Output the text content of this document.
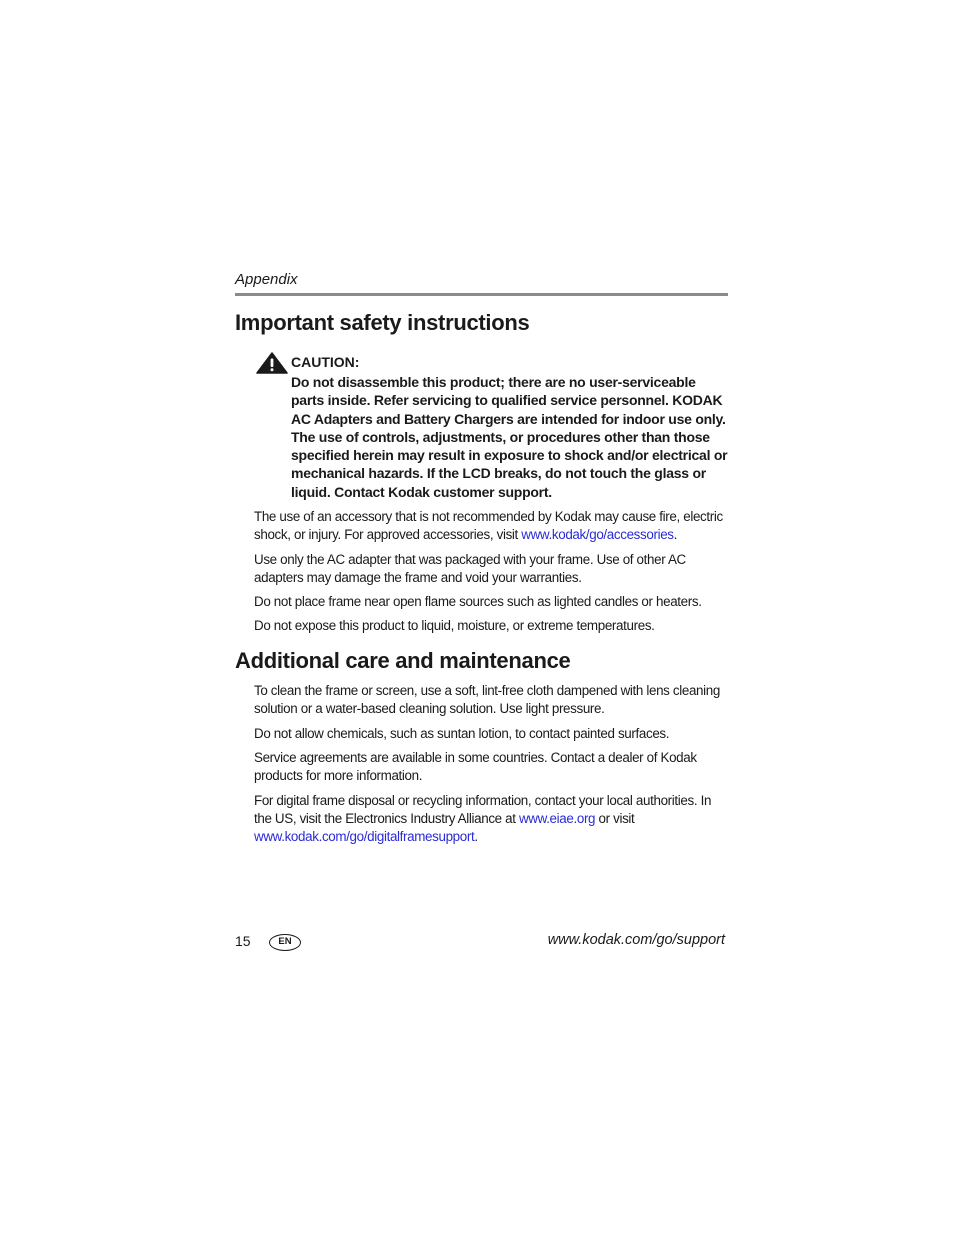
Appendix
Important safety instructions
CAUTION:
Do not disassemble this product; there are no user-serviceable parts inside. Refer servicing to qualified service personnel. KODAK AC Adapters and Battery Chargers are intended for indoor use only. The use of controls, adjustments, or procedures other than those specified herein may result in exposure to shock and/or electrical or mechanical hazards. If the LCD breaks, do not touch the glass or liquid. Contact Kodak customer support.
The use of an accessory that is not recommended by Kodak may cause fire, electric shock, or injury. For approved accessories, visit www.kodak/go/accessories.
Use only the AC adapter that was packaged with your frame. Use of other AC adapters may damage the frame and void your warranties.
Do not place frame near open flame sources such as lighted candles or heaters.
Do not expose this product to liquid, moisture, or extreme temperatures.
Additional care and maintenance
To clean the frame or screen, use a soft, lint-free cloth dampened with lens cleaning solution or a water-based cleaning solution. Use light pressure.
Do not allow chemicals, such as suntan lotion, to contact painted surfaces.
Service agreements are available in some countries. Contact a dealer of Kodak products for more information.
For digital frame disposal or recycling information, contact your local authorities. In the US, visit the Electronics Industry Alliance at www.eiae.org or visit www.kodak.com/go/digitalframesupport.
15	EN	www.kodak.com/go/support
